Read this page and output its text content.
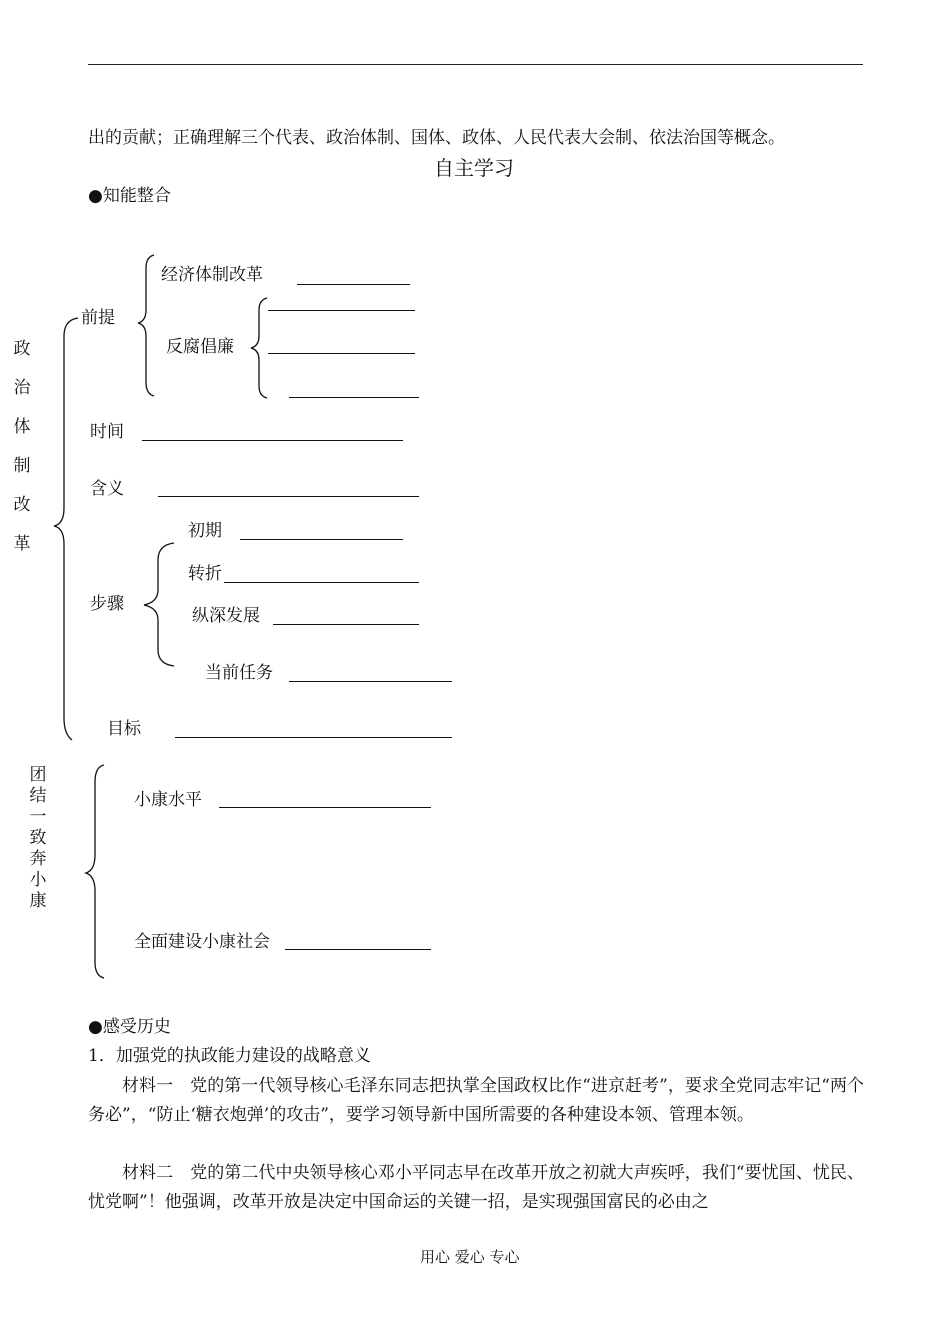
出的贡献；正确理解三个代表、政治体制、国体、政体、人民代表大会制、依法治国等概念。
自主学习
●知能整合
政
治
体
制
改
革
前提
经济体制改革
反腐倡廉
时间
含义
步骤
初期
转折
纵深发展
当前任务
目标
团
结
一
致
奔
小
康
小康水平
全面建设小康社会
●感受历史
1．加强党的执政能力建设的战略意义
材料一　党的第一代领导核心毛泽东同志把执掌全国政权比作“进京赶考”，要求全党同志牢记“两个务必”，“防止‘糖衣炮弹’的攻击”，要学习领导新中国所需要的各种建设本领、管理本领。
材料二　党的第二代中央领导核心邓小平同志早在改革开放之初就大声疾呼，我们“要忧国、忧民、忧党啊”！他强调，改革开放是决定中国命运的关键一招，是实现强国富民的必由之
用心 爱心 专心
